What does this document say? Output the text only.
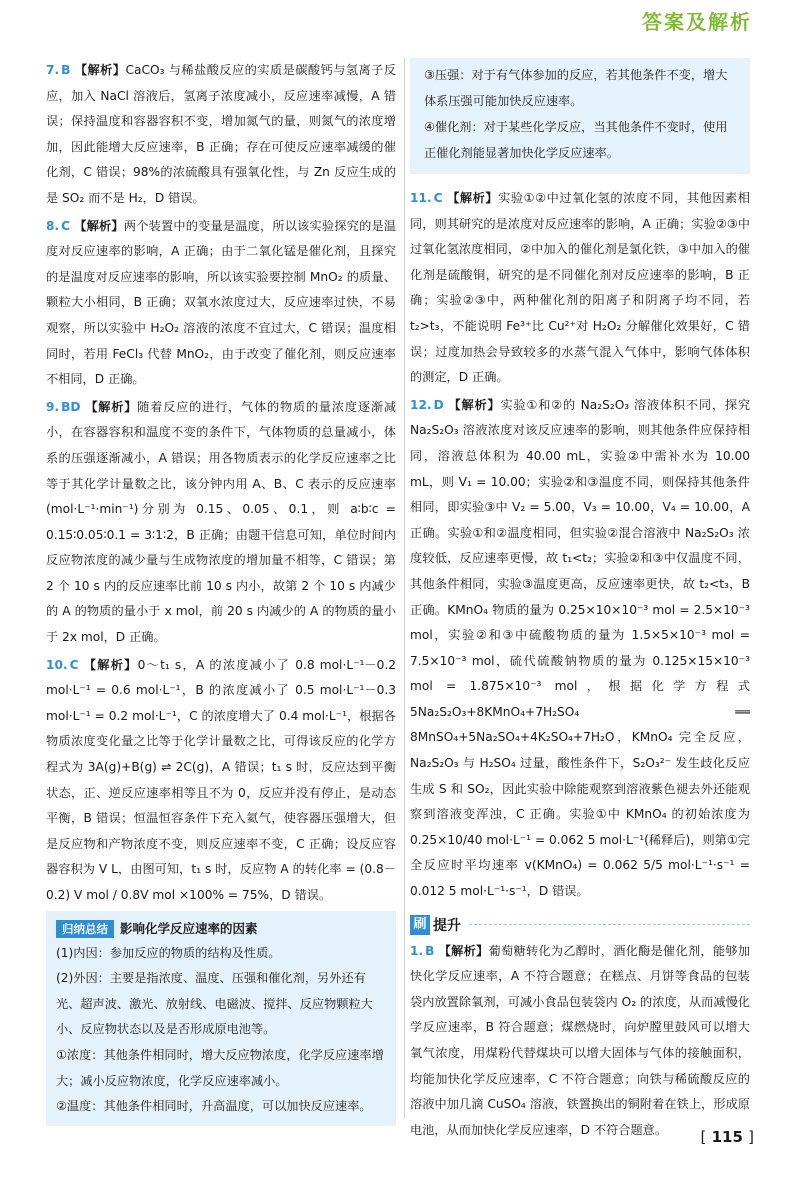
答案及解析

7. B 【解析】CaCO₃ 与稀盐酸反应的实质是碳酸钙与氢离子反应，加入 NaCl 溶液后，氢离子浓度减小，反应速率减慢，A 错误；保持温度和容器容积不变，增加氮气的量，则氮气的浓度增加，因此能增大反应速率，B 正确；存在可使反应速率减缓的催化剂，C 错误；98%的浓硫酸具有强氧化性，与 Zn 反应生成的是 SO₂ 而不是 H₂，D 错误。

8. C 【解析】两个装置中的变量是温度，所以该实验探究的是温度对反应速率的影响，A 正确；由于二氧化锰是催化剂，且探究的是温度对反应速率的影响，所以该实验要控制 MnO₂ 的质量、颗粒大小相同，B 正确；双氧水浓度过大，反应速率过快，不易观察，所以实验中 H₂O₂ 溶液的浓度不宜过大，C 错误；温度相同时，若用 FeCl₃ 代替 MnO₂，由于改变了催化剂，则反应速率不相同，D 正确。

9. BD 【解析】随着反应的进行，气体的物质的量浓度逐渐减小，在容器容积和温度不变的条件下，气体物质的总量减小，体系的压强逐渐减小，A 错误；用各物质表示的化学反应速率之比等于其化学计量数之比，该分钟内用 A、B、C 表示的反应速率(mol·L⁻¹·min⁻¹)分别为 0.15、0.05、0.1，则 a∶b∶c = 0.15∶0.05∶0.1 = 3∶1∶2，B 正确；由题干信息可知，单位时间内反应物浓度的减少量与生成物浓度的增加量不相等，C 错误；第 2 个 10 s 内的反应速率比前 10 s 内小，故第 2 个 10 s 内减少的 A 的物质的量小于 x mol，前 20 s 内减少的 A 的物质的量小于 2x mol，D 正确。

10. C 【解析】0～t₁ s，A 的浓度减小了 0.8 mol·L⁻¹－0.2 mol·L⁻¹ = 0.6 mol·L⁻¹，B 的浓度减小了 0.5 mol·L⁻¹－0.3 mol·L⁻¹ = 0.2 mol·L⁻¹，C 的浓度增大了 0.4 mol·L⁻¹，根据各物质浓度变化量之比等于化学计量数之比，可得该反应的化学方程式为 3A(g)+B(g) ⇌ 2C(g)，A 错误；t₁ s 时，反应达到平衡状态，正、逆反应速率相等且不为 0，反应并没有停止，是动态平衡，B 错误；恒温恒容条件下充入氦气，使容器压强增大，但是反应物和产物浓度不变，则反应速率不变，C 正确；设反应容器容积为 V L，由图可知，t₁ s 时，反应物 A 的转化率 = (0.8－0.2) V mol / 0.8V mol ×100% = 75%，D 错误。

归纳总结 影响化学反应速率的因素

(1)内因：参加反应的物质的结构及性质。

(2)外因：主要是指浓度、温度、压强和催化剂，另外还有光、超声波、激光、放射线、电磁波、搅拌、反应物颗粒大小、反应物状态以及是否形成原电池等。

①浓度：其他条件相同时，增大反应物浓度，化学反应速率增大；减小反应物浓度，化学反应速率减小。

②温度：其他条件相同时，升高温度，可以加快反应速率。

③压强：对于有气体参加的反应，若其他条件不变，增大体系压强可能加快反应速率。

④催化剂：对于某些化学反应，当其他条件不变时，使用正催化剂能显著加快化学反应速率。

11. C 【解析】实验①②中过氧化氢的浓度不同，其他因素相同，则其研究的是浓度对反应速率的影响，A 正确；实验②③中过氧化氢浓度相同，②中加入的催化剂是氯化铁，③中加入的催化剂是硫酸铜，研究的是不同催化剂对反应速率的影响，B 正确；实验②③中，两种催化剂的阳离子和阴离子均不同，若 t₂>t₃，不能说明 Fe³⁺比 Cu²⁺对 H₂O₂ 分解催化效果好，C 错误；过度加热会导致较多的水蒸气混入气体中，影响气体体积的测定，D 正确。

12. D 【解析】实验①和②的 Na₂S₂O₃ 溶液体积不同，探究 Na₂S₂O₃ 溶液浓度对该反应速率的影响，则其他条件应保持相同，溶液总体积为 40.00 mL，实验②中需补水为 10.00 mL，则 V₁ = 10.00；实验②和③温度不同，则保持其他条件相同，即实验③中 V₂ = 5.00，V₃ = 10.00，V₄ = 10.00，A 正确。实验①和②温度相同，但实验②混合溶液中 Na₂S₂O₃ 浓度较低，反应速率更慢，故 t₁<t₂；实验②和③中仅温度不同，其他条件相同，实验③温度更高，反应速率更快，故 t₂<t₃，B 正确。KMnO₄ 物质的量为 0.25×10×10⁻³ mol = 2.5×10⁻³ mol，实验②和③中硫酸物质的量为 1.5×5×10⁻³ mol = 7.5×10⁻³ mol，硫代硫酸钠物质的量为 0.125×15×10⁻³ mol = 1.875×10⁻³ mol，根据化学方程式 5Na₂S₂O₃+8KMnO₄+7H₂SO₄ ══ 8MnSO₄+5Na₂SO₄+4K₂SO₄+7H₂O，KMnO₄ 完全反应，Na₂S₂O₃ 与 H₂SO₄ 过量，酸性条件下，S₂O₃²⁻ 发生歧化反应生成 S 和 SO₂，因此实验中除能观察到溶液紫色褪去外还能观察到溶液变浑浊，C 正确。实验①中 KMnO₄ 的初始浓度为 0.25×10/40 mol·L⁻¹ = 0.062 5 mol·L⁻¹(稀释后)，则第①完全反应时平均速率 v(KMnO₄) = 0.062 5/5 mol·L⁻¹·s⁻¹ = 0.012 5 mol·L⁻¹·s⁻¹，D 错误。

刷 提升

1. B 【解析】葡萄糖转化为乙醇时，酒化酶是催化剂，能够加快化学反应速率，A 不符合题意；在糕点、月饼等食品的包装袋内放置除氧剂，可减小食品包装袋内 O₂ 的浓度，从而减慢化学反应速率，B 符合题意；煤燃烧时，向炉膛里鼓风可以增大氧气浓度，用煤粉代替煤块可以增大固体与气体的接触面积，均能加快化学反应速率，C 不符合题意；向铁与稀硫酸反应的溶液中加几滴 CuSO₄ 溶液，铁置换出的铜附着在铁上，形成原电池，从而加快化学反应速率，D 不符合题意。	[ 115 ]
